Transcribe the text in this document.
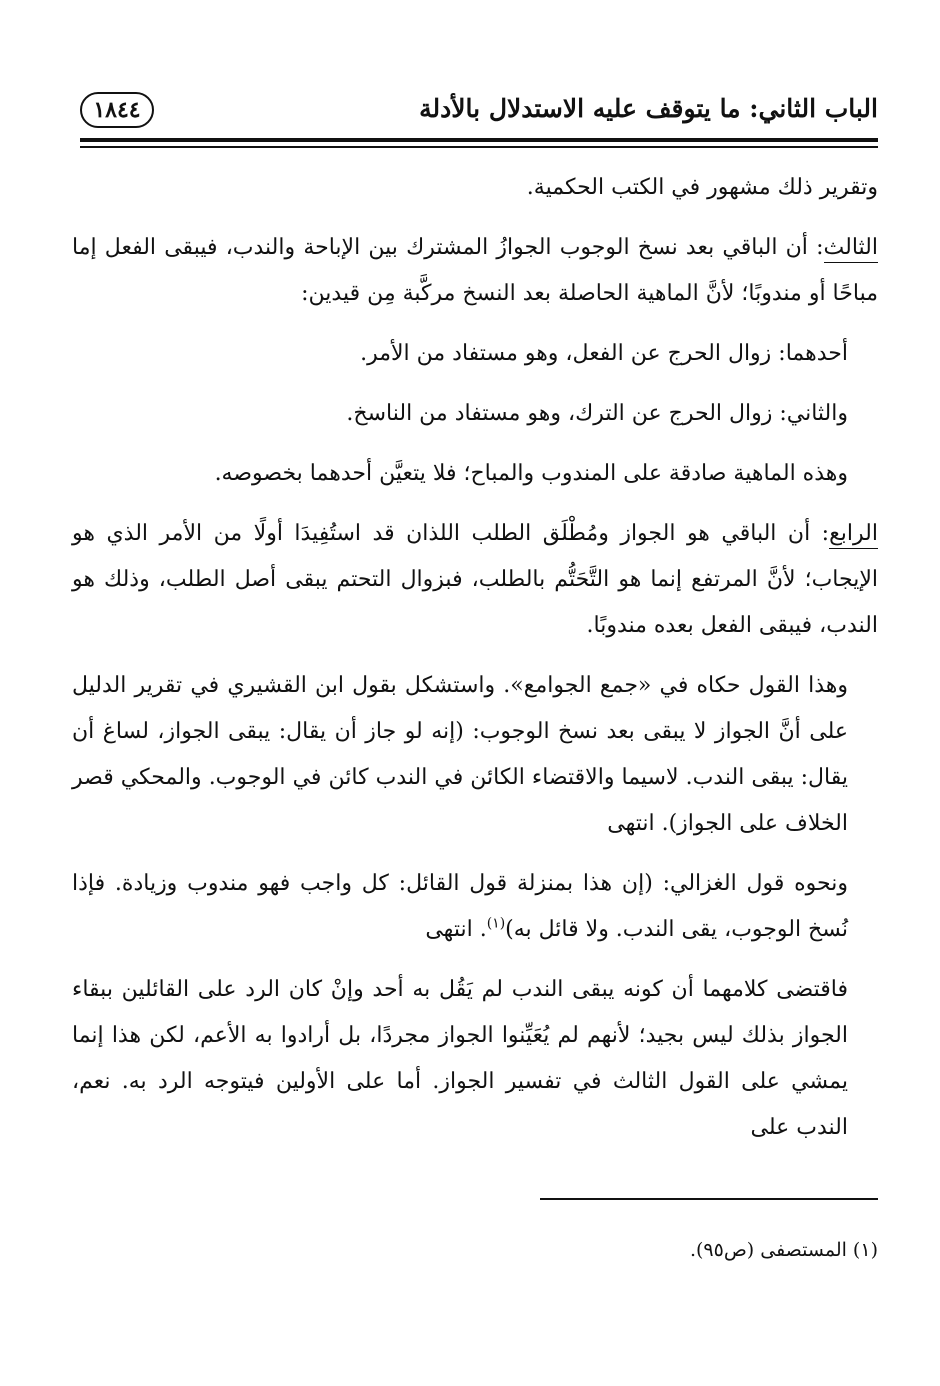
الباب الثاني: ما يتوقف عليه الاستدلال بالأدلة
١٨٤٤

وتقرير ذلك مشهور في الكتب الحكمية.

الثالث: أن الباقي بعد نسخ الوجوب الجوازُ المشترك بين الإباحة والندب، فيبقى الفعل إما مباحًا أو مندوبًا؛ لأنَّ الماهية الحاصلة بعد النسخ مركَّبة مِن قيدين:

أحدهما: زوال الحرج عن الفعل، وهو مستفاد من الأمر.

والثاني: زوال الحرج عن الترك، وهو مستفاد من الناسخ.

وهذه الماهية صادقة على المندوب والمباح؛ فلا يتعيَّن أحدهما بخصوصه.

الرابع: أن الباقي هو الجواز ومُطْلَق الطلب اللذان قد استُفِيدَا أولًا من الأمر الذي هو الإيجاب؛ لأنَّ المرتفع إنما هو التَّحَتُّم بالطلب، فبزوال التحتم يبقى أصل الطلب، وذلك هو الندب، فيبقى الفعل بعده مندوبًا.

وهذا القول حكاه في «جمع الجوامع». واستشكل بقول ابن القشيري في تقرير الدليل على أنَّ الجواز لا يبقى بعد نسخ الوجوب: (إنه لو جاز أن يقال: يبقى الجواز، لساغ أن يقال: يبقى الندب. لاسيما والاقتضاء الكائن في الندب كائن في الوجوب. والمحكي قصر الخلاف على الجواز). انتهى

ونحوه قول الغزالي: (إن هذا بمنزلة قول القائل: كل واجب فهو مندوب وزيادة. فإذا نُسخ الوجوب، يقى الندب. ولا قائل به)$^{(١)}$. انتهى

فاقتضى كلامهما أن كونه يبقى الندب لم يَقُل به أحد وإنْ كان الرد على القائلين ببقاء الجواز بذلك ليس بجيد؛ لأنهم لم يُعَيِّنوا الجواز مجردًا، بل أرادوا به الأعم، لكن هذا إنما يمشي على القول الثالث في تفسير الجواز. أما على الأولين فيتوجه الرد به. نعم، الندب على

(١) المستصفى (ص٩٥).
